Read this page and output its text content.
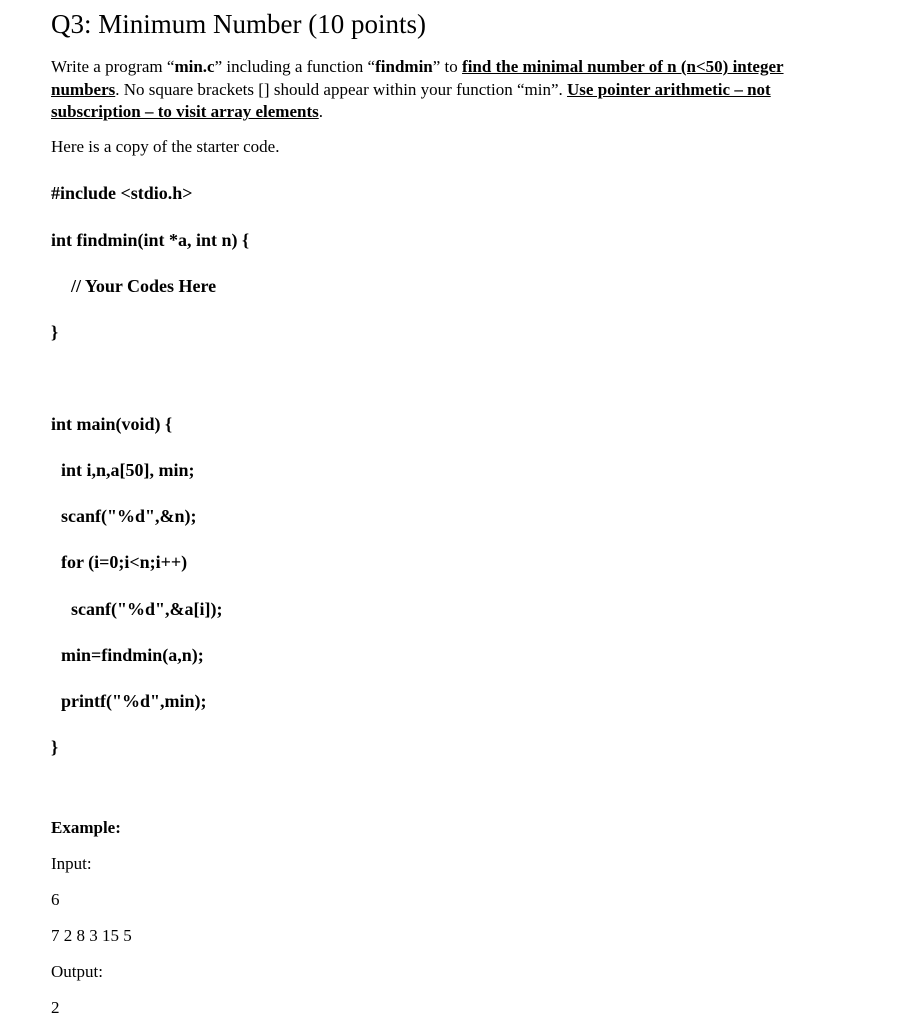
Q3: Minimum Number (10 points)
Write a program “min.c” including a function “findmin” to find the minimal number of n (n<50) integer numbers. No square brackets [] should appear within your function “min”. Use pointer arithmetic – not subscription – to visit array elements.
Here is a copy of the starter code.
#include <stdio.h>
int findmin(int *a, int n) {
// Your Codes Here
}
int main(void) {
int i,n,a[50], min;
scanf("%d",&n);
for (i=0;i<n;i++)
scanf("%d",&a[i]);
min=findmin(a,n);
printf("%d",min);
}
Example:
Input:
6
7 2 8 3 15 5
Output:
2
